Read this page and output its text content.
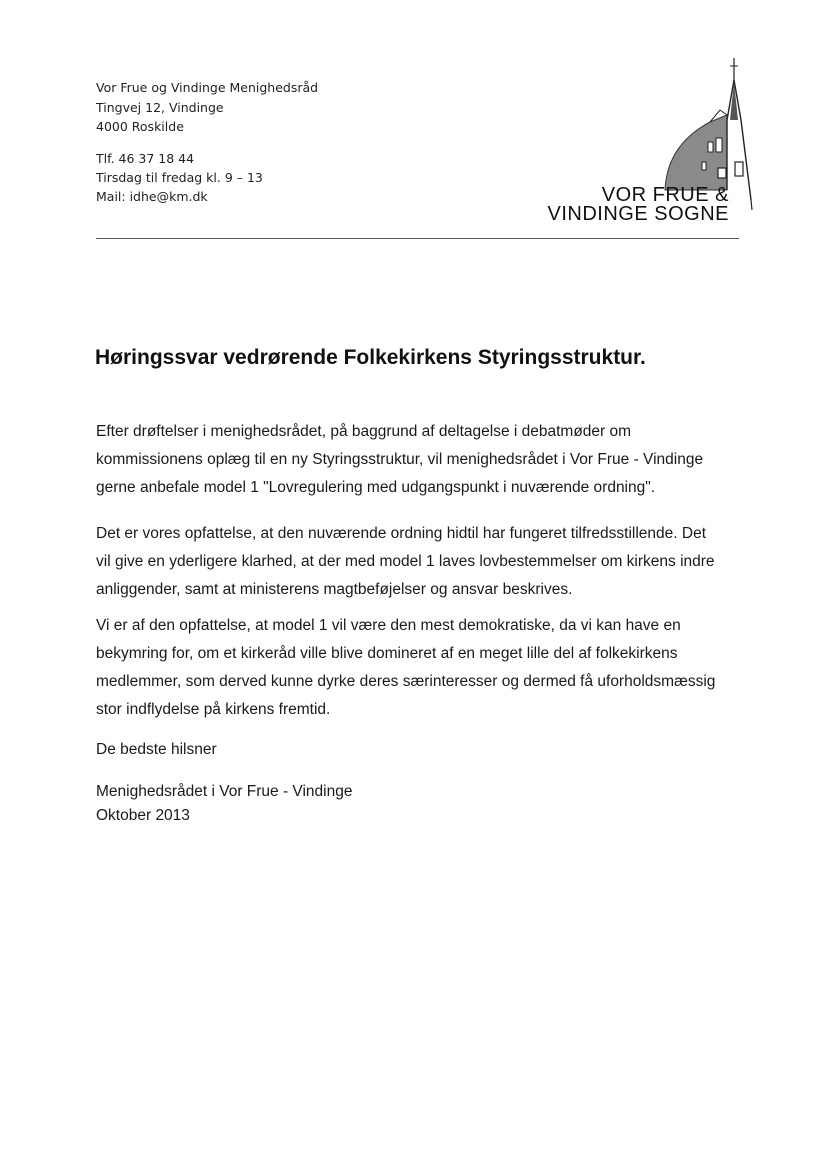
Vor Frue og Vindinge Menighedsråd
Tingvej 12, Vindinge
4000 Roskilde
Tlf. 46 37 18 44
Tirsdag til fredag kl. 9 – 13
Mail: idhe@km.dk	VOR FRUE &
VINDINGE SOGNE
Høringssvar vedrørende Folkekirkens Styringsstruktur.
Efter drøftelser i menighedsrådet, på baggrund af deltagelse i debatmøder om
kommissionens oplæg til en ny Styringsstruktur, vil menighedsrådet i Vor Frue - Vindinge
gerne anbefale model 1 "Lovregulering med udgangspunkt i nuværende ordning".
Det er vores opfattelse, at den nuværende ordning hidtil har fungeret tilfredsstillende. Det
vil give en yderligere klarhed, at der med model 1 laves lovbestemmelser om kirkens indre
anliggender, samt at ministerens magtbeføjelser og ansvar beskrives.
Vi er af den opfattelse, at model 1 vil være den mest demokratiske, da vi kan have en
bekymring for, om et kirkeråd ville blive domineret af en meget lille del af folkekirkens
medlemmer, som derved kunne dyrke deres særinteresser og dermed få uforholdsmæssig
stor indflydelse på kirkens fremtid.
De bedste hilsner
Menighedsrådet i Vor Frue - Vindinge
Oktober 2013
